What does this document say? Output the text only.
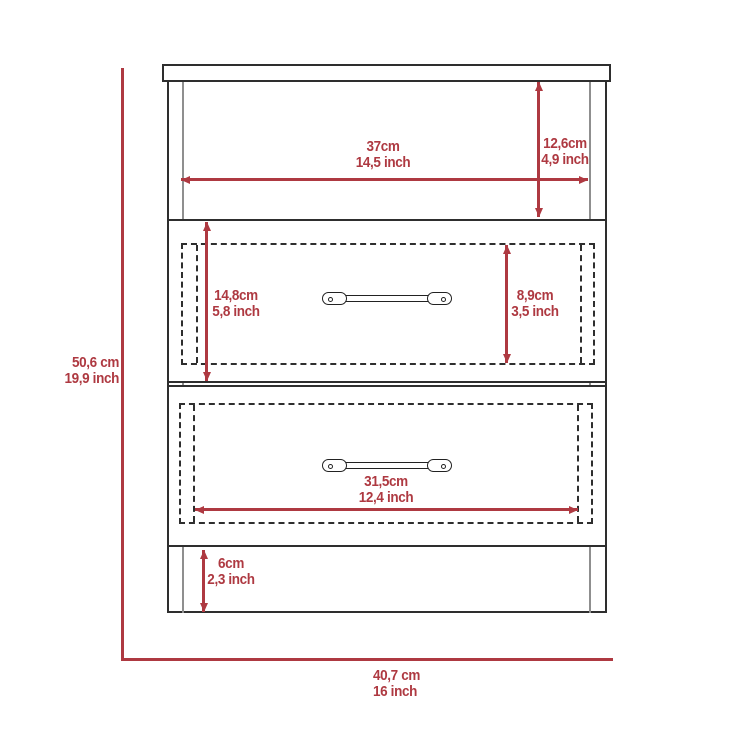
50,6 cm
19,9 inch
37cm
14,5 inch
12,6cm
4,9 inch
14,8cm
5,8 inch
8,9cm
3,5 inch
31,5cm
12,4 inch
6cm
2,3 inch
40,7 cm
16 inch
